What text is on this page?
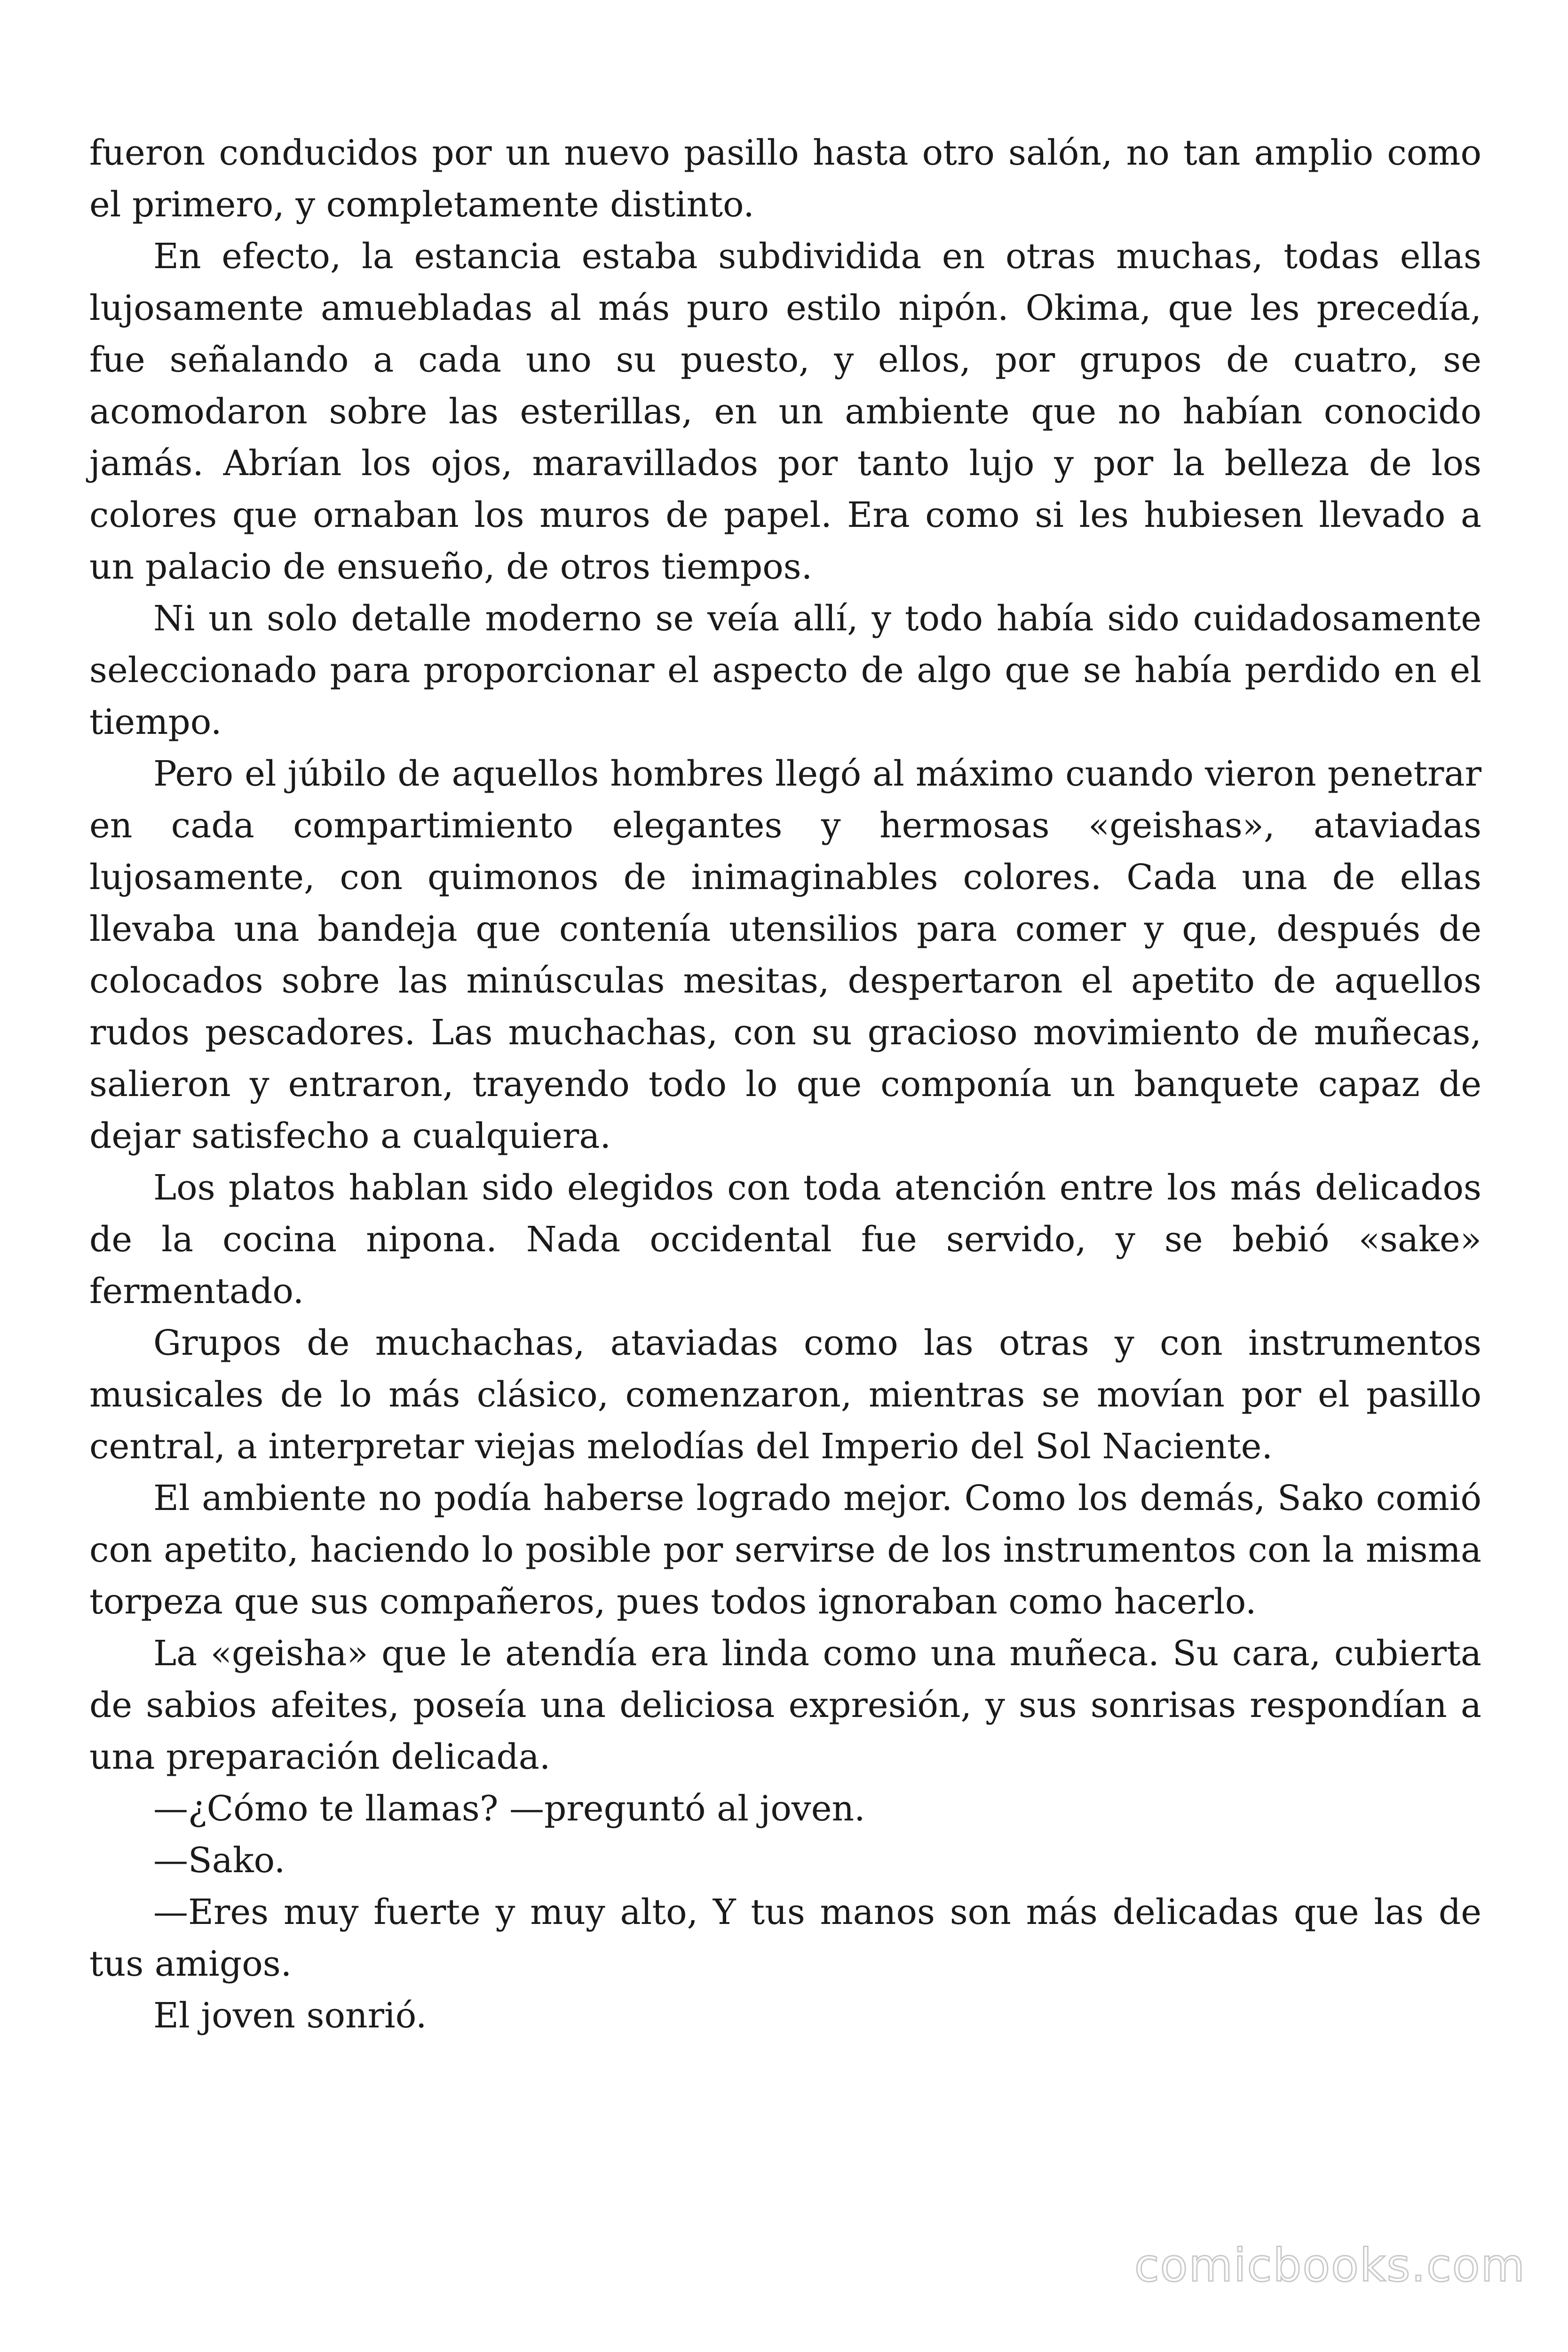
fueron conducidos por un nuevo pasillo hasta otro salón, no tan amplio como el primero, y completamente distinto.

En efecto, la estancia estaba subdividida en otras muchas, todas ellas lujosamente amuebladas al más puro estilo nipón. Okima, que les precedía, fue señalando a cada uno su puesto, y ellos, por grupos de cuatro, se acomodaron sobre las esterillas, en un ambiente que no habían conocido jamás. Abrían los ojos, maravillados por tanto lujo y por la belleza de los colores que ornaban los muros de papel. Era como si les hubiesen llevado a un palacio de ensueño, de otros tiempos.

Ni un solo detalle moderno se veía allí, y todo había sido cuidadosamente seleccionado para proporcionar el aspecto de algo que se había perdido en el tiempo.

Pero el júbilo de aquellos hombres llegó al máximo cuando vieron penetrar en cada compartimiento elegantes y hermosas «geishas», ataviadas lujosamente, con quimonos de inimaginables colores. Cada una de ellas llevaba una bandeja que contenía utensilios para comer y que, después de colocados sobre las minúsculas mesitas, despertaron el apetito de aquellos rudos pescadores. Las muchachas, con su gracioso movimiento de muñecas, salieron y entraron, trayendo todo lo que componía un banquete capaz de dejar satisfecho a cualquiera.

Los platos hablan sido elegidos con toda atención entre los más delicados de la cocina nipona. Nada occidental fue servido, y se bebió «sake» fermentado.

Grupos de muchachas, ataviadas como las otras y con instrumentos musicales de lo más clásico, comenzaron, mientras se movían por el pasillo central, a interpretar viejas melodías del Imperio del Sol Naciente.

El ambiente no podía haberse logrado mejor. Como los demás, Sako comió con apetito, haciendo lo posible por servirse de los instrumentos con la misma torpeza que sus compañeros, pues todos ignoraban como hacerlo.

La «geisha» que le atendía era linda como una muñeca. Su cara, cubierta de sabios afeites, poseía una deliciosa expresión, y sus sonrisas respondían a una preparación delicada.

—¿Cómo te llamas? —preguntó al joven.

—Sako.

—Eres muy fuerte y muy alto, Y tus manos son más delicadas que las de tus amigos.

El joven sonrió.

comicbooks.com
